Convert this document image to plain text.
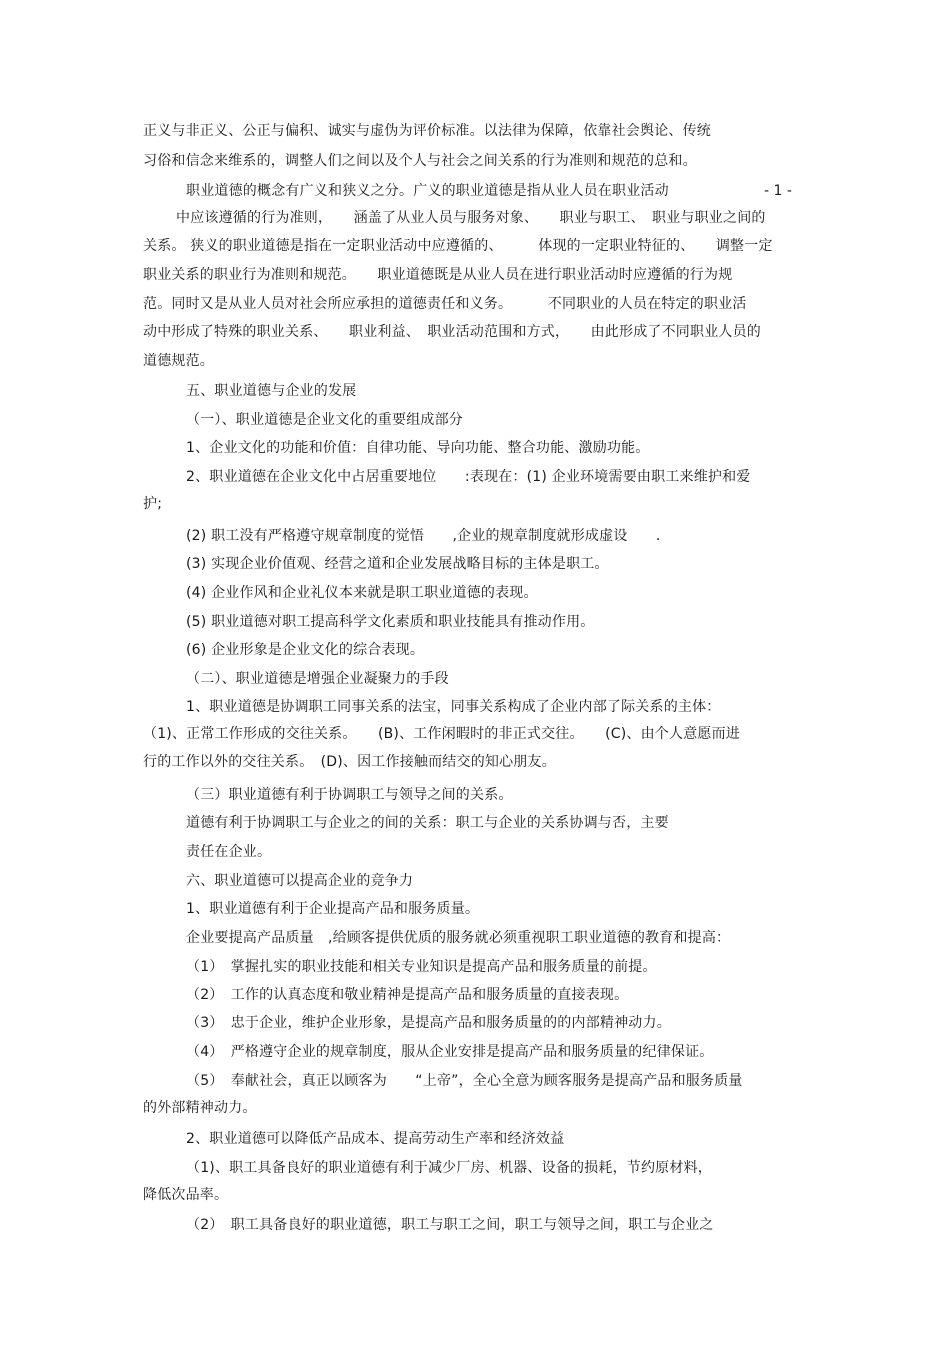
正义与非正义、公正与偏积、诚实与虚伪为评价标准。以法律为保障，依靠社会舆论、传统
习俗和信念来维系的，调整人们之间以及个人与社会之间关系的行为准则和规范的总和。
职业道德的概念有广义和狭义之分。广义的职业道德是指从业人员在职业活动	- 1 -
中应该遵循的行为准则，　　涵盖了从业人员与服务对象、　　职业与职工、　职业与职业之间的
关系。 狭义的职业道德是指在一定职业活动中应遵循的、　　　体现的一定职业特征的、　　调整一定
职业关系的职业行为准则和规范。　　职业道德既是从业人员在进行职业活动时应遵循的行为规
范。同时又是从业人员对社会所应承担的道德责任和义务。　　　不同职业的人员在特定的职业活
动中形成了特殊的职业关系、　　职业利益、　职业活动范围和方式，　　由此形成了不同职业人员的
道德规范。
五、职业道德与企业的发展
（一）、职业道德是企业文化的重要组成部分
1、企业文化的功能和价值：自律功能、导向功能、整合功能、激励功能。
2、职业道德在企业文化中占居重要地位　　:表现在：(1) 企业环境需要由职工来维护和爱
护;
(2) 职工没有严格遵守规章制度的觉悟　　,企业的规章制度就形成虚设　　.
(3) 实现企业价值观、经营之道和企业发展战略目标的主体是职工。
(4) 企业作风和企业礼仪本来就是职工职业道德的表现。
(5) 职业道德对职工提高科学文化素质和职业技能具有推动作用。
(6) 企业形象是企业文化的综合表现。
（二）、职业道德是增强企业凝聚力的手段
1、职业道德是协调职工同事关系的法宝，同事关系构成了企业内部了际关系的主体：
（1)、正常工作形成的交往关系。　　(B)、工作闲暇时的非正式交往。　　(C)、由个人意愿而进
行的工作以外的交往关系。　(D)、因工作接触而结交的知心朋友。
（三）职业道德有利于协调职工与领导之间的关系。
道德有利于协调职工与企业之的间的关系：职工与企业的关系协调与否，主要
责任在企业。
六、职业道德可以提高企业的竞争力
1、职业道德有利于企业提高产品和服务质量。
企业要提高产品质量　,给顾客提供优质的服务就必须重视职工职业道德的教育和提高：
（1）　掌握扎实的职业技能和相关专业知识是提高产品和服务质量的前提。
（2）　工作的认真态度和敬业精神是提高产品和服务质量的直接表现。
（3）　忠于企业，维护企业形象，是提高产品和服务质量的的内部精神动力。
（4）　严格遵守企业的规章制度，服从企业安排是提高产品和服务质量的纪律保证。
（5）　奉献社会，真正以顾客为　　“上帝”，全心全意为顾客服务是提高产品和服务质量
的外部精神动力。
2、职业道德可以降低产品成本、提高劳动生产率和经济效益
（1)、职工具备良好的职业道德有利于减少厂房、机器、设备的损耗，节约原材料，
降低次品率。
（2）　职工具备良好的职业道德，职工与职工之间，职工与领导之间，职工与企业之
